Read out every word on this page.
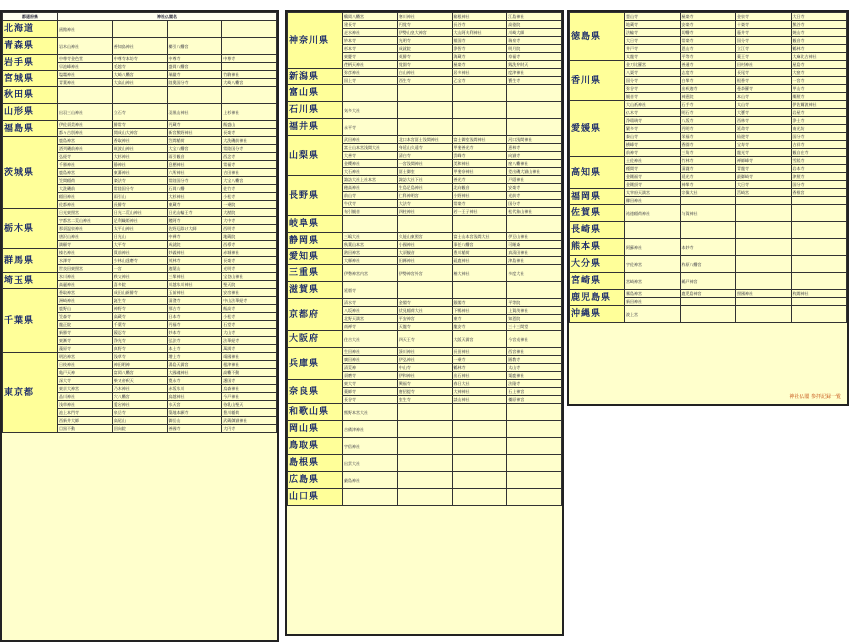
都道府県	神社仏閣名			
北海道	函館神社			
青森県	岩木山神社	善知鳥神社	櫛引八幡宮	
岩手県	中尊寺金色堂	中尊寺本坊寺	中尊寺	中尊寺
	早池峰神社	毛越寺	盛岡八幡宮	
宮城県	塩竈神社	大崎八幡宮	瑞巌寺	竹駒神社
	青葉神社	大高山神社	陸奥国分寺	大崎八幡宮
秋田県				
山形県	出羽三山神社	立石寺	羽黒山神社	上杉神社
福島県	伊佐須美神社	勝常寺	円蔵寺	飯盛山
	都々古別神社	開成山大神宮	新宮熊野神社	長楽寺
茨城県	鹿島神宮	香取神社	笠間稲荷	大洗磯前神社
	酒列磯前神社	筑波山神社	大宝八幡宮	常陸国分寺
	弘経寺	大杉神社	雨引観音	西念寺
	千勝神社	静神社	息栖神社	常福寺
	鹿島神宮	東蕃神社	六所神社	吉田神社
	笠間稲荷	楽法寺	常陸国分寺	大宝八幡宮
	大洗磯前	常陸国分寺	石岡八幡	佐竹寺
	稲田神社	雨引山	大杉神社	小松寺
	佐都神社	長勝寺	東蔵寺	一乗院
栃木県	日光東照宮	日光二荒山神社	日光山輪王寺	大猷院
	宇都宮二荒山神社	足利織姫神社	鑁阿寺	大中寺
	那須温泉神社	太平山神社	佐野厄除け大師	西明寺
	唐沢山神社	日光山	中禅寺	地蔵院
	満願寺	大平寺	成就院	西導寺
群馬県	榛名神社	貫前神社	妙義神社	赤城神社
	水澤寺	少林山達磨寺	茂林寺	長楽寺
	世良田東照宮	一宮	迦葉山	光明寺
埼玉県	氷川神社	秩父神社	三峯神社	宝登山神社
	高麗神社	喜多院	川越氷川神社	聖天院
千葉県	香取神宮	成田山新勝寺	玉前神社	安房神社
	洲崎神社	誕生寺	清澄寺	中山法華経寺
	鹿野山	神野寺	那古寺	飯高寺
	笠森寺	高蔵寺	日本寺	小松寺
	龍正院	千葉寺	円福寺	石堂寺
	新勝寺	鏡忍寺	妙本寺	大山寺
	東漸寺	浄光寺	弘法寺	法華経寺
	藻原寺	真野寺	本土寺	萬満寺
東京都	明治神宮	浅草寺	増上寺	靖國神社
	日枝神社	神田明神	湯島天満宮	根津神社
	亀戸天神	富岡八幡宮	大國魂神社	高幡不動
	深大寺	柴又帝釈天	寛永寺	護国寺
	東京大神宮	乃木神社	赤坂氷川	烏森神社
	品川神社	穴八幡宮	鳥越神社	今戸神社
	浅草神社	愛宕神社	水天宮	待乳山聖天
	池上本門寺	泉岳寺	築地本願寺	豊川稲荷
	西新井大師	高尾山	御岳山	武蔵御嶽神社
	目黒不動	回向院	善國寺	大円寺
神奈川県	鶴岡八幡宮	寒川神社	箱根神社	江島神社
	建長寺	円覚寺	長谷寺	高徳院
	走水神社	伊勢山皇大神宮	大山阿夫利神社	川崎大師
	妙本寺	光明寺	報国寺	瑞泉寺
	杉本寺	成就院	浄智寺	明月院
	東慶寺	英勝寺	海蔵寺	寿福寺
	荏柄天神社	覚園寺	極楽寺	銭洗弁財天
新潟県	弥彦神社	白山神社	居多神社	度津神社
	国上寺	西生寺	乙宝寺	寶生寺
富山県				
石川県	気多大社			
福井県	永平寺			
山梨県	武田神社	北口本宮冨士浅間神社	富士御室浅間神社	河口浅間神社
	富士山本宮浅間大社	身延山久遠寺	甲斐善光寺	恵林寺
	大善寺	清白寺	雲峰寺	向嶽寺
	金櫻神社	一宮浅間神社	美和神社	窪八幡神社
	大石神社	冨士御室	甲斐奈神社	差出磯大嶽山神社
長野県	諏訪大社上社本宮	諏訪大社下社	善光寺	戸隠神社
	穂高神社	生島足島神社	北向観音	安楽寺
	前山寺	仁科神明宮	小野神社	光前寺
	牛伏寺	大法寺	常楽寺	国分寺
	布引観音	四柱神社	若一王子神社	松代象山神社
岐阜県				
静岡県	三嶋大社	久能山東照宮	富士山本宮浅間大社	伊豆山神社
	秋葉山本宮	小國神社	事任八幡宮	可睡斎
愛知県	熱田神宮	大須観音	豊川稲荷	真清田神社
	大縣神社	田縣神社	砥鹿神社	津島神社
三重県	伊勢神宮内宮	伊勢神宮外宮	椿大神社	多度大社
滋賀県	延暦寺			
京都府	清水寺	金閣寺	銀閣寺	平等院
	八坂神社	伏見稲荷大社	下鴨神社	上賀茂神社
	北野天満宮	平安神宮	東寺	知恩院
	南禅寺	天龍寺	龍安寺	三十三間堂
大阪府	住吉大社	四天王寺	大阪天満宮	今宮戎神社
兵庫県	生田神社	湊川神社	長田神社	西宮神社
	廣田神社	伊弘神社	一乗寺	圓教寺
	清荒神	中山寺	鶴林寺	太山寺
	須磨寺	伊和神社	出石神社	粟鹿神社
奈良県	東大寺	興福寺	春日大社	法隆寺
	薬師寺	唐招提寺	大神神社	石上神宮
	長谷寺	室生寺	談山神社	橿原神宮
和歌山県	熊野本宮大社			
岡山県	吉備津神社			
鳥取県	宇倍神社			
島根県	出雲大社			
広島県	厳島神社			
山口県				
徳島県	霊山寺	極楽寺	金泉寺	大日寺
	地蔵寺	安楽寺	十楽寺	熊谷寺
	法輪寺	切幡寺	藤井寺	焼山寺
	大日寺	常楽寺	国分寺	観音寺
	井戸寺	恩山寺	立江寺	鶴林寺
	太龍寺	平等寺	薬王寺	大麻比古神社
香川県	金刀比羅宮	善通寺	田村神社	屋島寺
	八栗寺	志度寺	長尾寺	大窪寺
	国分寺	白峯寺	根香寺	一宮寺
	弥谷寺	出釈迦寺	曼荼羅寺	甲山寺
	観音寺	神恵院	本山寺	郷照寺
愛媛県	大山祇神社	石手寺	太山寺	伊佐爾波神社
	仏木寺	明石寺	大寶寺	岩屋寺
	浄瑠璃寺	八坂寺	西林寺	浄土寺
	繁多寺	円明寺	延命寺	南光坊
	泰山寺	栄福寺	仙遊寺	国分寺
	横峰寺	香園寺	宝寿寺	吉祥寺
	前神寺	三角寺	龍光寺	観自在寺
高知県	土佐神社	竹林寺	禅師峰寺	雪蹊寺
	種間寺	清瀧寺	青龍寺	岩本寺
	金剛福寺	延光寺	最御崎寺	津照寺
	金剛頂寺	神峯寺	大日寺	国分寺
福岡県	太宰府天満宮	宗像大社	筥崎宮	香椎宮
	櫛田神社			
佐賀県	祐徳稲荷神社	与賀神社		
長崎県				
熊本県	阿蘇神社	本妙寺		
大分県	宇佐神宮	柞原八幡宮		
宮崎県	宮崎神宮	鵜戸神宮		
鹿児島県	霧島神宮	鹿児島神宮	照國神社	枚聞神社
	新田神社			
沖縄県	波上宮			
神社仏閣 参拝記録一覧
